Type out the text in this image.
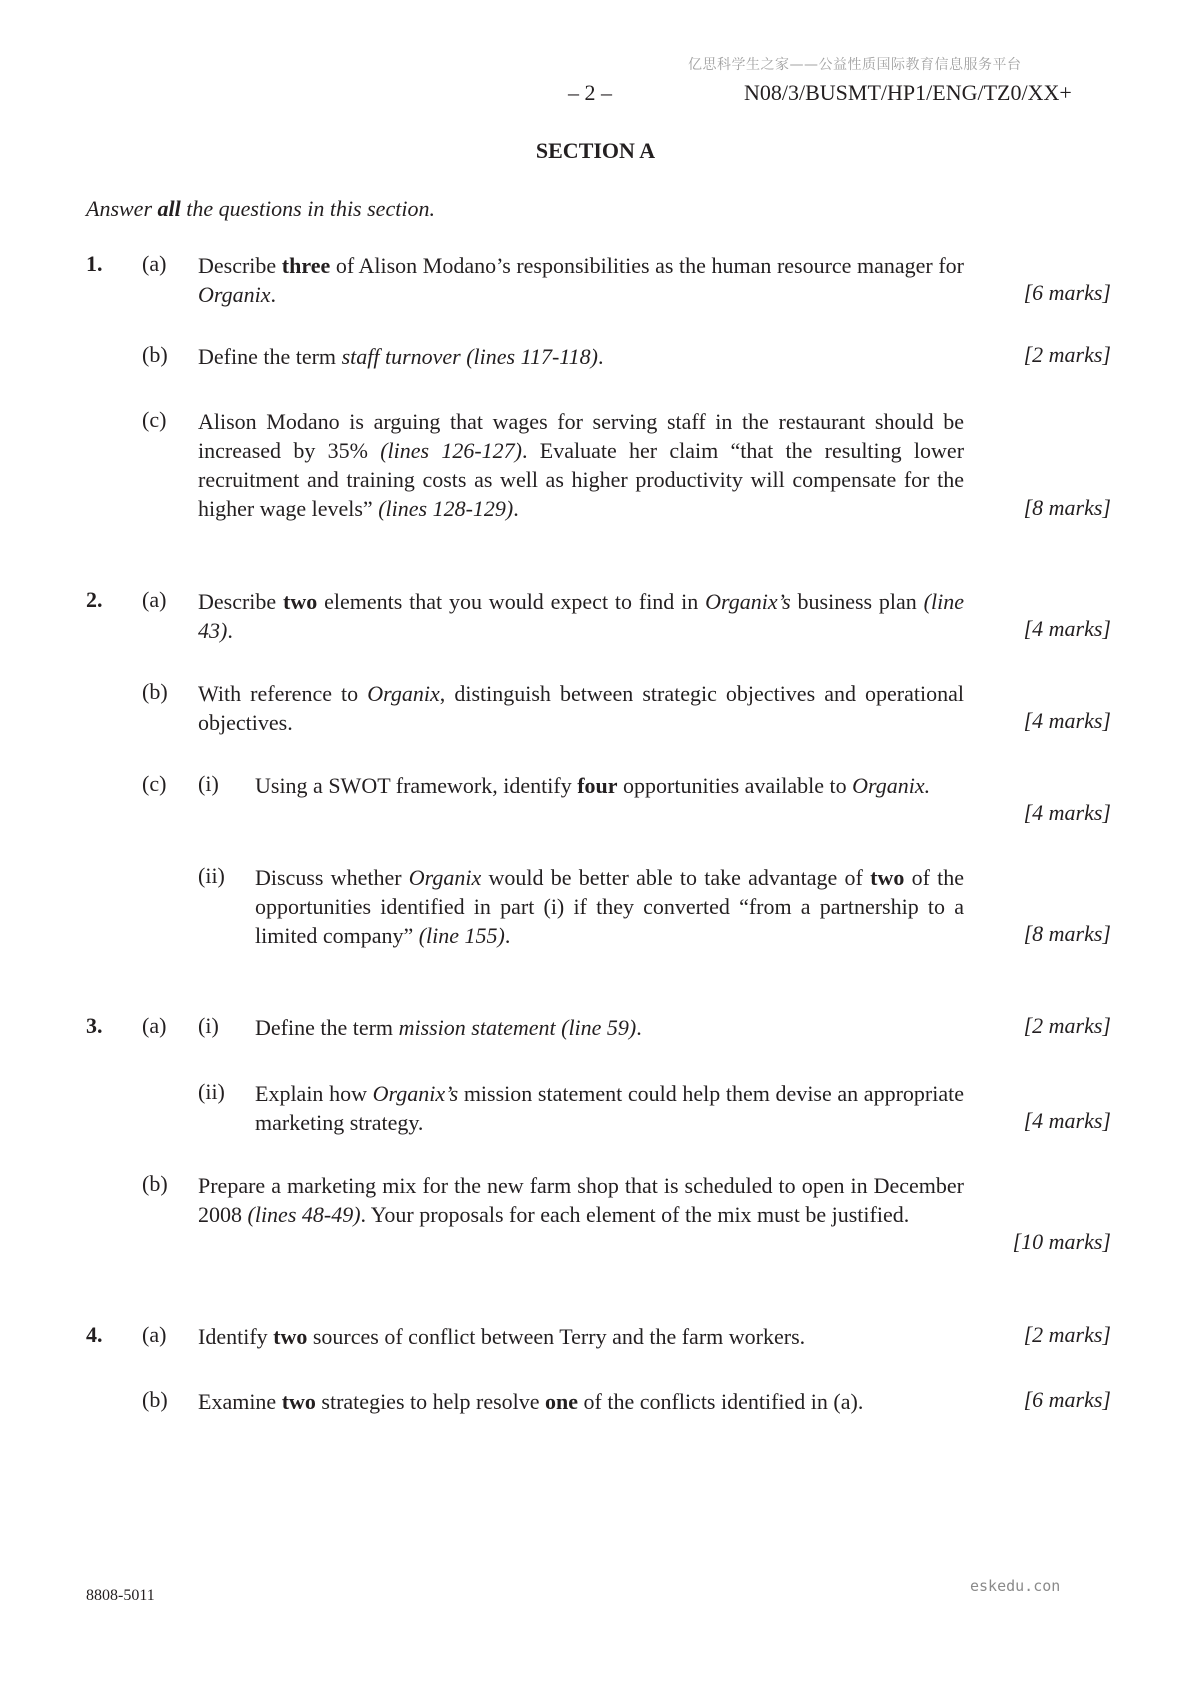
亿思科学生之家——公益性质国际教育信息服务平台
– 2 –	N08/3/BUSMT/HP1/ENG/TZ0/XX+
SECTION A
Answer all the questions in this section.
1. (a) Describe three of Alison Modano’s responsibilities as the human resource manager for Organix.	[6 marks]
(b) Define the term staff turnover (lines 117-118).	[2 marks]
(c) Alison Modano is arguing that wages for serving staff in the restaurant should be increased by 35% (lines 126-127). Evaluate her claim “that the resulting lower recruitment and training costs as well as higher productivity will compensate for the higher wage levels” (lines 128-129).	[8 marks]
2. (a) Describe two elements that you would expect to find in Organix’s business plan (line 43).	[4 marks]
(b) With reference to Organix, distinguish between strategic objectives and operational objectives.	[4 marks]
(c) (i) Using a SWOT framework, identify four opportunities available to Organix.
[4 marks]
(ii) Discuss whether Organix would be better able to take advantage of two of the opportunities identified in part (i) if they converted “from a partnership to a limited company” (line 155).	[8 marks]
3. (a) (i) Define the term mission statement (line 59).	[2 marks]
(ii) Explain how Organix’s mission statement could help them devise an appropriate marketing strategy.	[4 marks]
(b) Prepare a marketing mix for the new farm shop that is scheduled to open in December 2008 (lines 48-49). Your proposals for each element of the mix must be justified.
[10 marks]
4. (a) Identify two sources of conflict between Terry and the farm workers.	[2 marks]
(b) Examine two strategies to help resolve one of the conflicts identified in (a).	[6 marks]
8808-5011
eskedu.con
